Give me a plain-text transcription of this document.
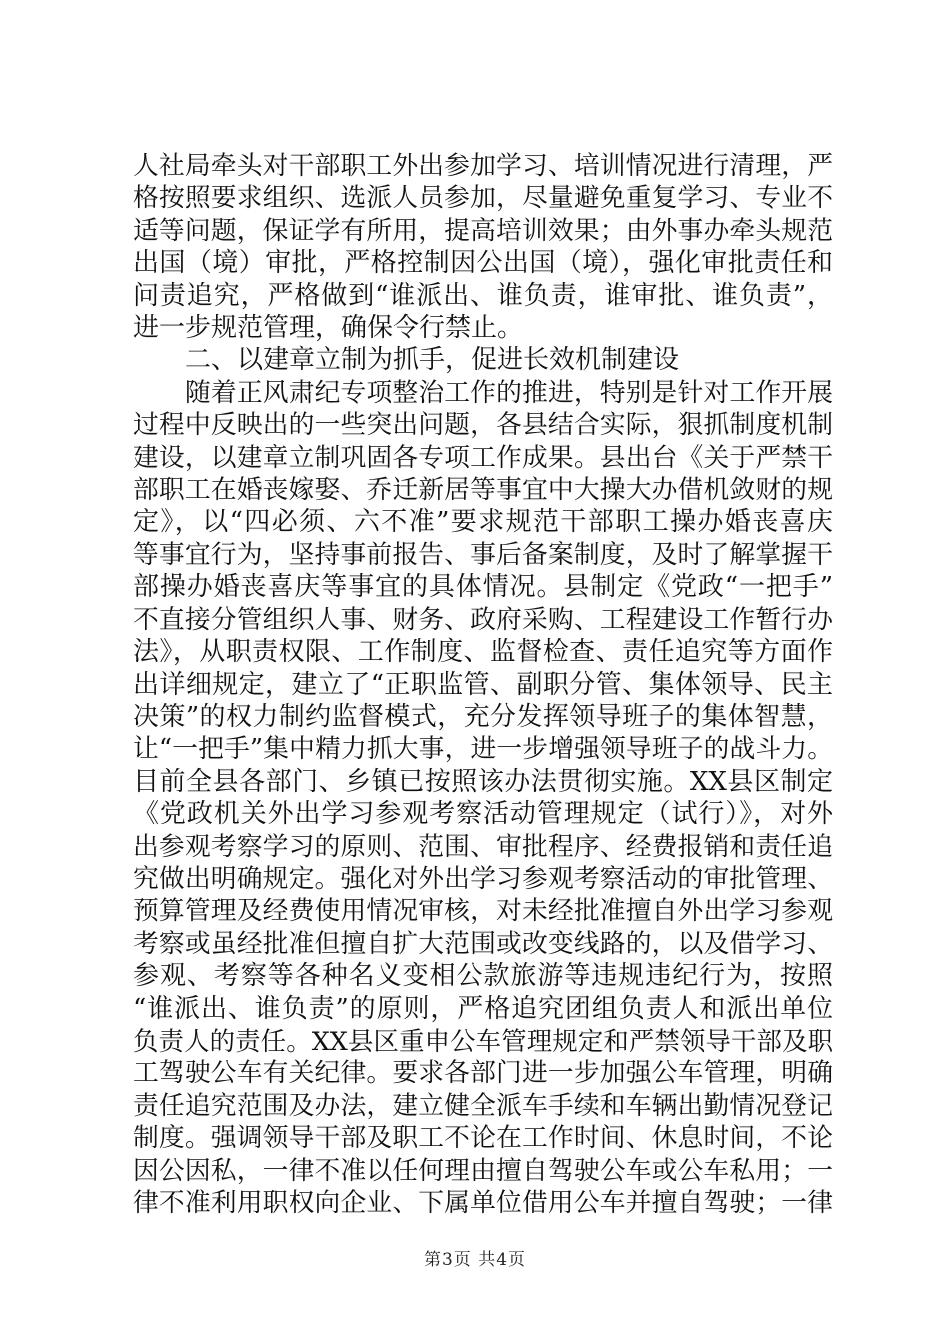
人社局牵头对干部职工外出参加学习、培训情况进行清理，严
格按照要求组织、选派人员参加，尽量避免重复学习、专业不
适等问题，保证学有所用，提高培训效果；由外事办牵头规范
出国（境）审批，严格控制因公出国（境），强化审批责任和
问责追究，严格做到“谁派出、谁负责，谁审批、谁负责”，
进一步规范管理，确保令行禁止。
二、以建章立制为抓手，促进长效机制建设
随着正风肃纪专项整治工作的推进，特别是针对工作开展
过程中反映出的一些突出问题，各县结合实际，狠抓制度机制
建设，以建章立制巩固各专项工作成果。县出台《关于严禁干
部职工在婚丧嫁娶、乔迁新居等事宜中大操大办借机敛财的规
定》，以“四必须、六不准”要求规范干部职工操办婚丧喜庆
等事宜行为，坚持事前报告、事后备案制度，及时了解掌握干
部操办婚丧喜庆等事宜的具体情况。县制定《党政“一把手”
不直接分管组织人事、财务、政府采购、工程建设工作暂行办
法》，从职责权限、工作制度、监督检查、责任追究等方面作
出详细规定，建立了“正职监管、副职分管、集体领导、民主
决策”的权力制约监督模式，充分发挥领导班子的集体智慧，
让“一把手”集中精力抓大事，进一步增强领导班子的战斗力。
目前全县各部门、乡镇已按照该办法贯彻实施。XX县区制定
《党政机关外出学习参观考察活动管理规定（试行）》，对外
出参观考察学习的原则、范围、审批程序、经费报销和责任追
究做出明确规定。强化对外出学习参观考察活动的审批管理、
预算管理及经费使用情况审核，对未经批准擅自外出学习参观
考察或虽经批准但擅自扩大范围或改变线路的，以及借学习、
参观、考察等各种名义变相公款旅游等违规违纪行为，按照
“谁派出、谁负责”的原则，严格追究团组负责人和派出单位
负责人的责任。XX县区重申公车管理规定和严禁领导干部及职
工驾驶公车有关纪律。要求各部门进一步加强公车管理，明确
责任追究范围及办法，建立健全派车手续和车辆出勤情况登记
制度。强调领导干部及职工不论在工作时间、休息时间，不论
因公因私，一律不准以任何理由擅自驾驶公车或公车私用；一
律不准利用职权向企业、下属单位借用公车并擅自驾驶；一律
第3页 共4页
